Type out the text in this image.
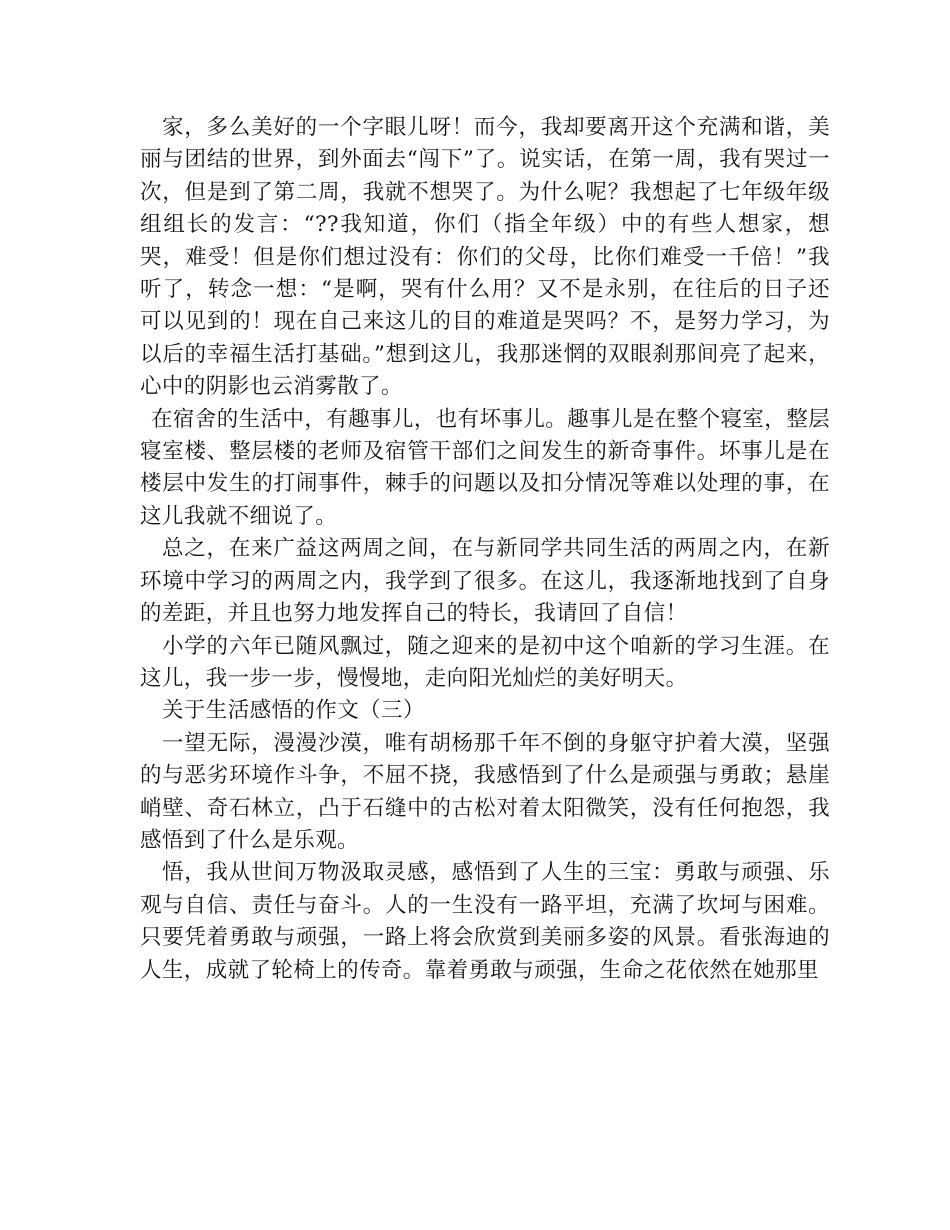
家，多么美好的一个字眼儿呀！而今，我却要离开这个充满和谐，美丽与团结的世界，到外面去“闯下”了。说实话，在第一周，我有哭过一次，但是到了第二周，我就不想哭了。为什么呢？我想起了七年级年级组组长的发言：“??我知道，你们（指全年级）中的有些人想家，想哭，难受！但是你们想过没有：你们的父母，比你们难受一千倍！”我听了，转念一想：“是啊，哭有什么用？又不是永别，在往后的日子还可以见到的！现在自己来这儿的目的难道是哭吗？不，是努力学习，为以后的幸福生活打基础。”想到这儿，我那迷惘的双眼刹那间亮了起来，心中的阴影也云消雾散了。

在宿舍的生活中，有趣事儿，也有坏事儿。趣事儿是在整个寝室，整层寝室楼、整层楼的老师及宿管干部们之间发生的新奇事件。坏事儿是在楼层中发生的打闹事件，棘手的问题以及扣分情况等难以处理的事，在这儿我就不细说了。

总之，在来广益这两周之间，在与新同学共同生活的两周之内，在新环境中学习的两周之内，我学到了很多。在这儿，我逐渐地找到了自身的差距，并且也努力地发挥自己的特长，我请回了自信！

小学的六年已随风飘过，随之迎来的是初中这个咱新的学习生涯。在这儿，我一步一步，慢慢地，走向阳光灿烂的美好明天。

关于生活感悟的作文（三）

一望无际，漫漫沙漠，唯有胡杨那千年不倒的身躯守护着大漠，坚强的与恶劣环境作斗争，不屈不挠，我感悟到了什么是顽强与勇敢；悬崖峭壁、奇石林立，凸于石缝中的古松对着太阳微笑，没有任何抱怨，我感悟到了什么是乐观。

悟，我从世间万物汲取灵感，感悟到了人生的三宝：勇敢与顽强、乐观与自信、责任与奋斗。人的一生没有一路平坦，充满了坎坷与困难。只要凭着勇敢与顽强，一路上将会欣赏到美丽多姿的风景。看张海迪的人生，成就了轮椅上的传奇。靠着勇敢与顽强，生命之花依然在她那里
